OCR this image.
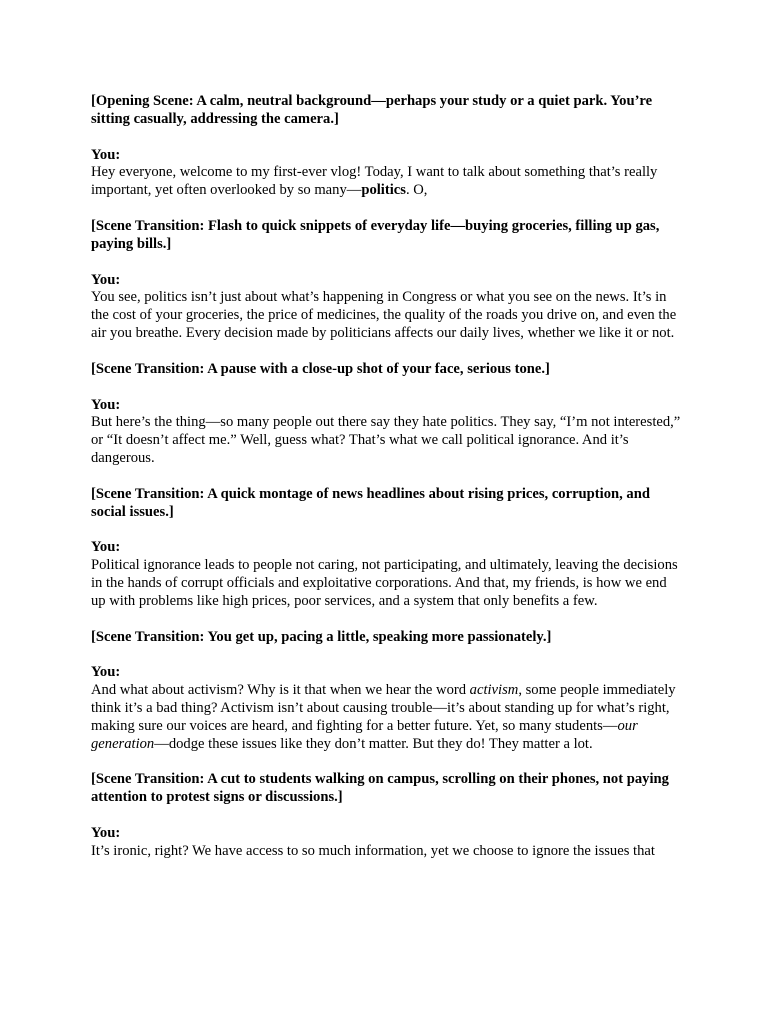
[Opening Scene: A calm, neutral background—perhaps your study or a quiet park. You’re sitting casually, addressing the camera.]
You:
Hey everyone, welcome to my first-ever vlog! Today, I want to talk about something that’s really important, yet often overlooked by so many—politics. O,
[Scene Transition: Flash to quick snippets of everyday life—buying groceries, filling up gas, paying bills.]
You:
You see, politics isn’t just about what’s happening in Congress or what you see on the news. It’s in the cost of your groceries, the price of medicines, the quality of the roads you drive on, and even the air you breathe. Every decision made by politicians affects our daily lives, whether we like it or not.
[Scene Transition: A pause with a close-up shot of your face, serious tone.]
You:
But here’s the thing—so many people out there say they hate politics. They say, “I’m not interested,” or “It doesn’t affect me.” Well, guess what? That’s what we call political ignorance. And it’s dangerous.
[Scene Transition: A quick montage of news headlines about rising prices, corruption, and social issues.]
You:
Political ignorance leads to people not caring, not participating, and ultimately, leaving the decisions in the hands of corrupt officials and exploitative corporations. And that, my friends, is how we end up with problems like high prices, poor services, and a system that only benefits a few.
[Scene Transition: You get up, pacing a little, speaking more passionately.]
You:
And what about activism? Why is it that when we hear the word activism, some people immediately think it’s a bad thing? Activism isn’t about causing trouble—it’s about standing up for what’s right, making sure our voices are heard, and fighting for a better future. Yet, so many students—our generation—dodge these issues like they don’t matter. But they do! They matter a lot.
[Scene Transition: A cut to students walking on campus, scrolling on their phones, not paying attention to protest signs or discussions.]
You:
It’s ironic, right? We have access to so much information, yet we choose to ignore the issues that
